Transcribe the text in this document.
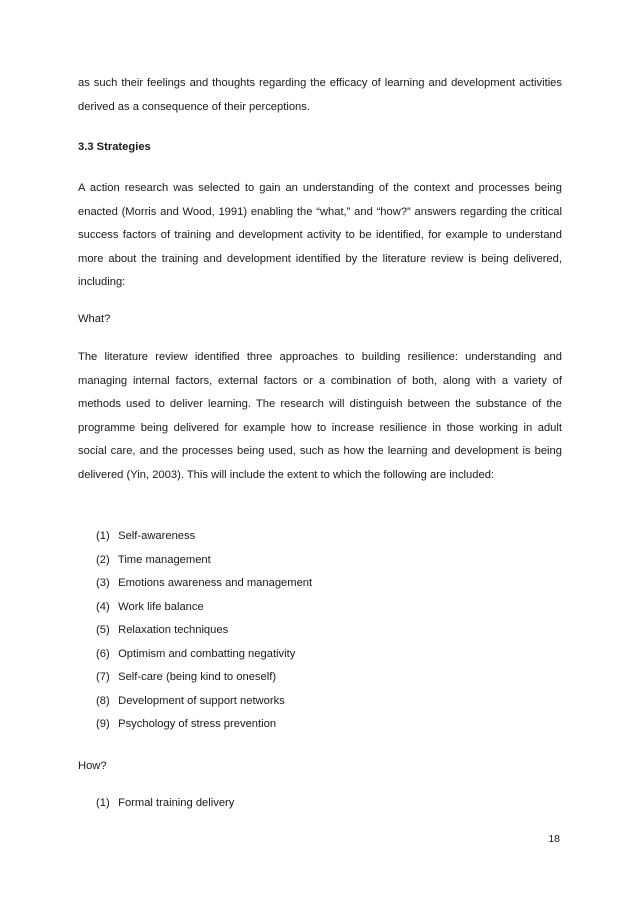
as such their feelings and thoughts regarding the efficacy of learning and development activities derived as a consequence of their perceptions.

3.3 Strategies

A action research was selected to gain an understanding of the context and processes being enacted (Morris and Wood, 1991) enabling the “what,” and “how?” answers regarding the critical success factors of training and development activity to be identified, for example to understand more about the training and development identified by the literature review is being delivered, including:

What?

The literature review identified three approaches to building resilience: understanding and managing internal factors, external factors or a combination of both, along with a variety of methods used to deliver learning. The research will distinguish between the substance of the programme being delivered for example how to increase resilience in those working in adult social care, and the processes being used, such as how the learning and development is being delivered (Yin, 2003). This will include the extent to which the following are included:

(1) Self-awareness
(2) Time management
(3) Emotions awareness and management
(4) Work life balance
(5) Relaxation techniques
(6) Optimism and combatting negativity
(7) Self-care (being kind to oneself)
(8) Development of support networks
(9) Psychology of stress prevention

How?

(1) Formal training delivery

18
